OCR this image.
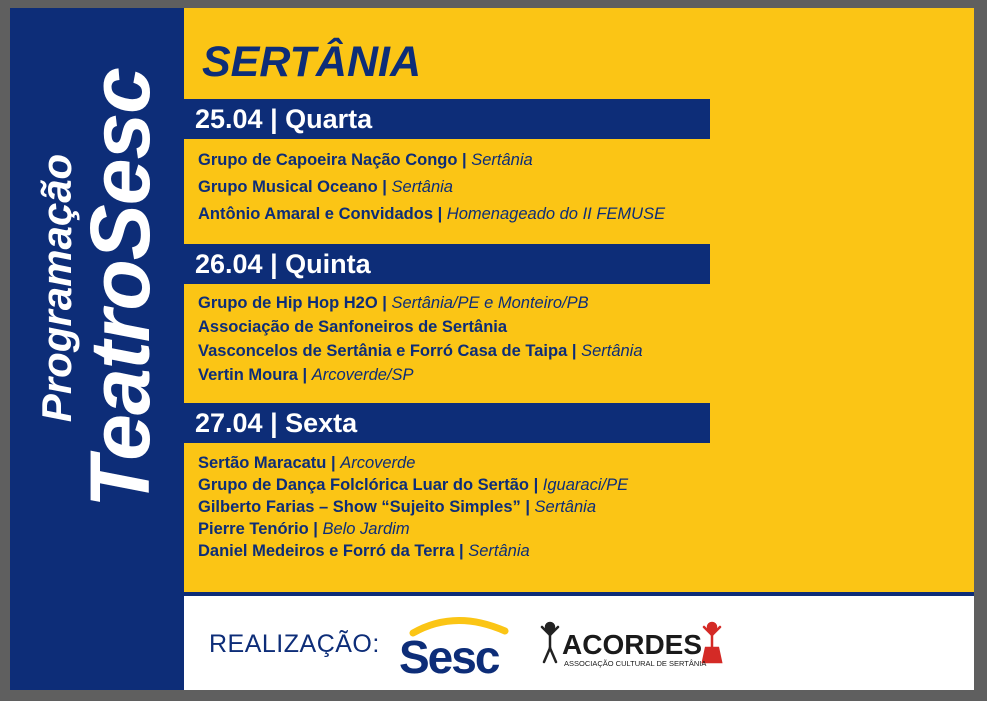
Programação
TeatroSesc
SERTÂNIA
25.04 | Quarta
Grupo de Capoeira Nação Congo | Sertânia
Grupo Musical Oceano | Sertânia
Antônio Amaral e Convidados | Homenageado do II FEMUSE
26.04 | Quinta
Grupo de Hip Hop H2O | Sertânia/PE e Monteiro/PB
Associação de Sanfoneiros de Sertânia
Vasconcelos de Sertânia e Forró Casa de Taipa | Sertânia
Vertin Moura | Arcoverde/SP
27.04 | Sexta
Sertão Maracatu | Arcoverde
Grupo de Dança Folclórica Luar do Sertão | Iguaraci/PE
Gilberto Farias – Show “Sujeito Simples” | Sertânia
Pierre Tenório | Belo Jardim
Daniel Medeiros e Forró da Terra | Sertânia
REALIZAÇÃO: Sesc ACORDES
ASSOCIAÇÃO CULTURAL DE SERTÂNIA
